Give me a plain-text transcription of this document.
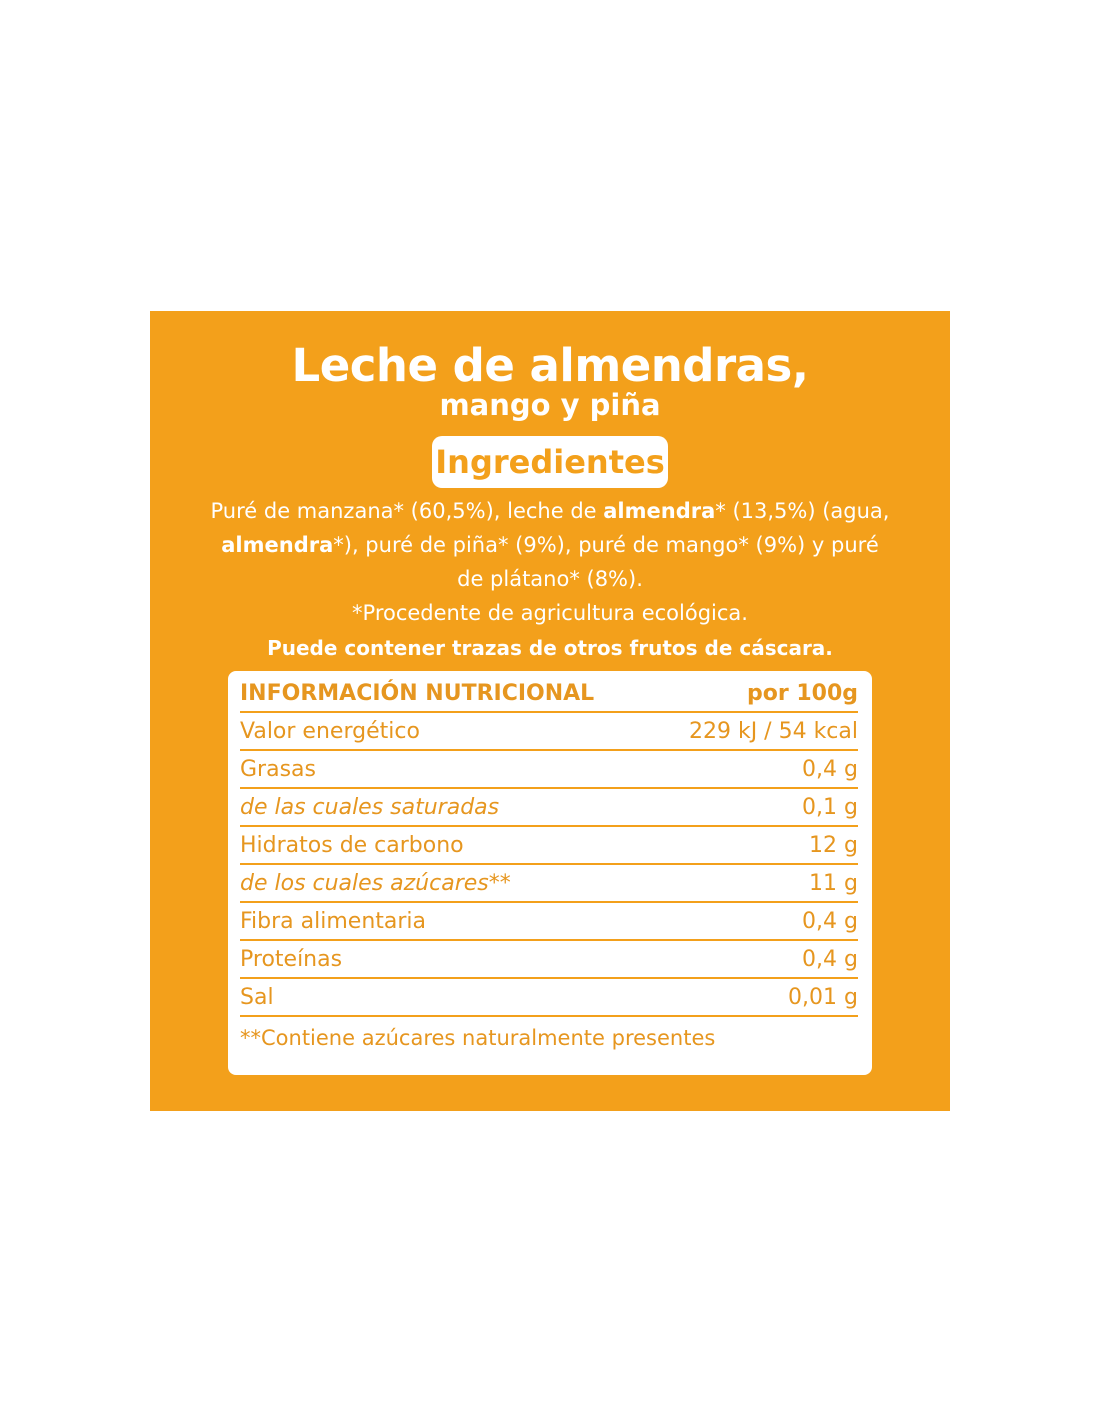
Leche de almendras,
mango y piña
Ingredientes

Puré de manzana* (60,5%), leche de almendra* (13,5%) (agua, almendra*), puré de piña* (9%), puré de mango* (9%) y puré de plátano* (8%).

*Procedente de agricultura ecológica.

Puede contener trazas de otros frutos de cáscara.

INFORMACIÓN NUTRICIONAL	por 100g
Valor energético	229 kJ / 54 kcal
Grasas	0,4 g
de las cuales saturadas	0,1 g
Hidratos de carbono	12 g
de los cuales azúcares**	11 g
Fibra alimentaria	0,4 g
Proteínas	0,4 g
Sal	0,01 g

**Contiene azúcares naturalmente presentes
